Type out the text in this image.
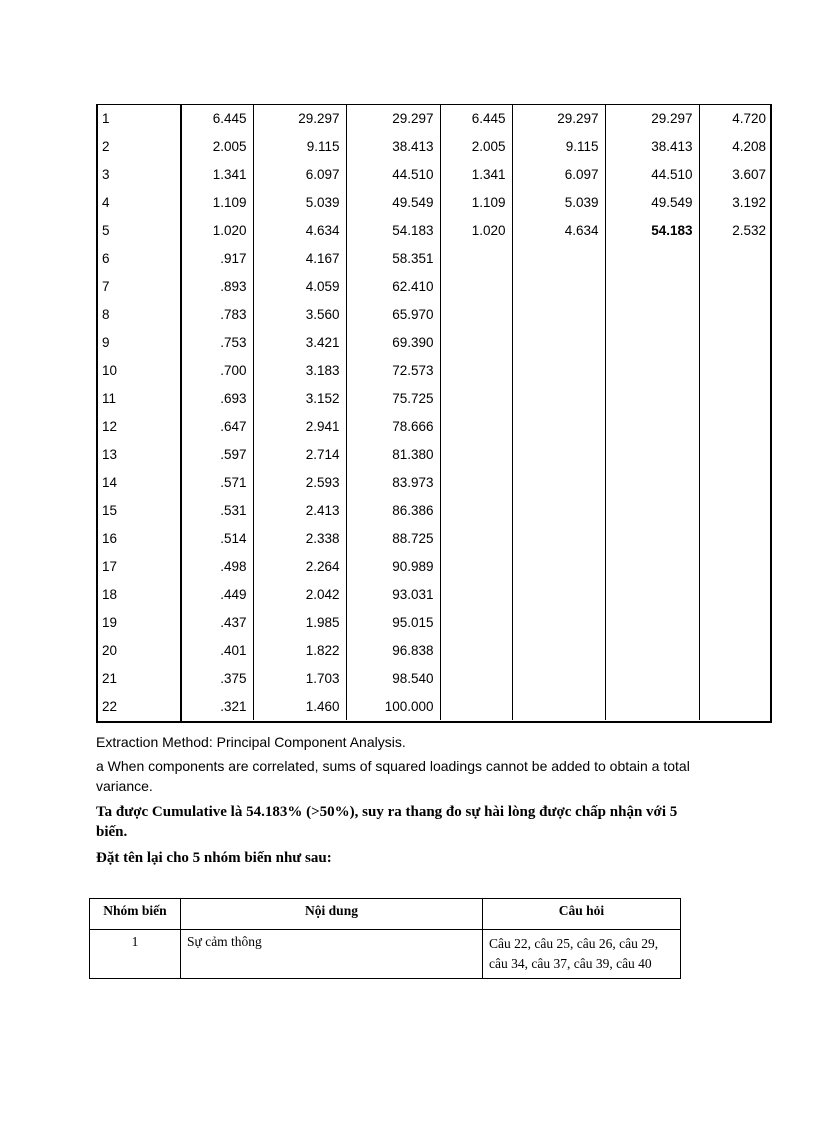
1	6.445	29.297	29.297	6.445	29.297	29.297	4.720
2	2.005	9.115	38.413	2.005	9.115	38.413	4.208
3	1.341	6.097	44.510	1.341	6.097	44.510	3.607
4	1.109	5.039	49.549	1.109	5.039	49.549	3.192
5	1.020	4.634	54.183	1.020	4.634	54.183	2.532
6	.917	4.167	58.351				
7	.893	4.059	62.410				
8	.783	3.560	65.970				
9	.753	3.421	69.390				
10	.700	3.183	72.573				
11	.693	3.152	75.725				
12	.647	2.941	78.666				
13	.597	2.714	81.380				
14	.571	2.593	83.973				
15	.531	2.413	86.386				
16	.514	2.338	88.725				
17	.498	2.264	90.989				
18	.449	2.042	93.031				
19	.437	1.985	95.015				
20	.401	1.822	96.838				
21	.375	1.703	98.540				
22	.321	1.460	100.000				
Extraction Method: Principal Component Analysis.
a When components are correlated, sums of squared loadings cannot be added to obtain a total variance.
Ta được Cumulative là 54.183% (>50%), suy ra thang đo sự hài lòng được chấp nhận với 5 biến.
Đặt tên lại cho 5 nhóm biến như sau:
Nhóm biến	Nội dung	Câu hỏi
1	Sự cảm thông	Câu 22, câu 25, câu 26, câu 29, câu 34, câu 37, câu 39, câu 40
